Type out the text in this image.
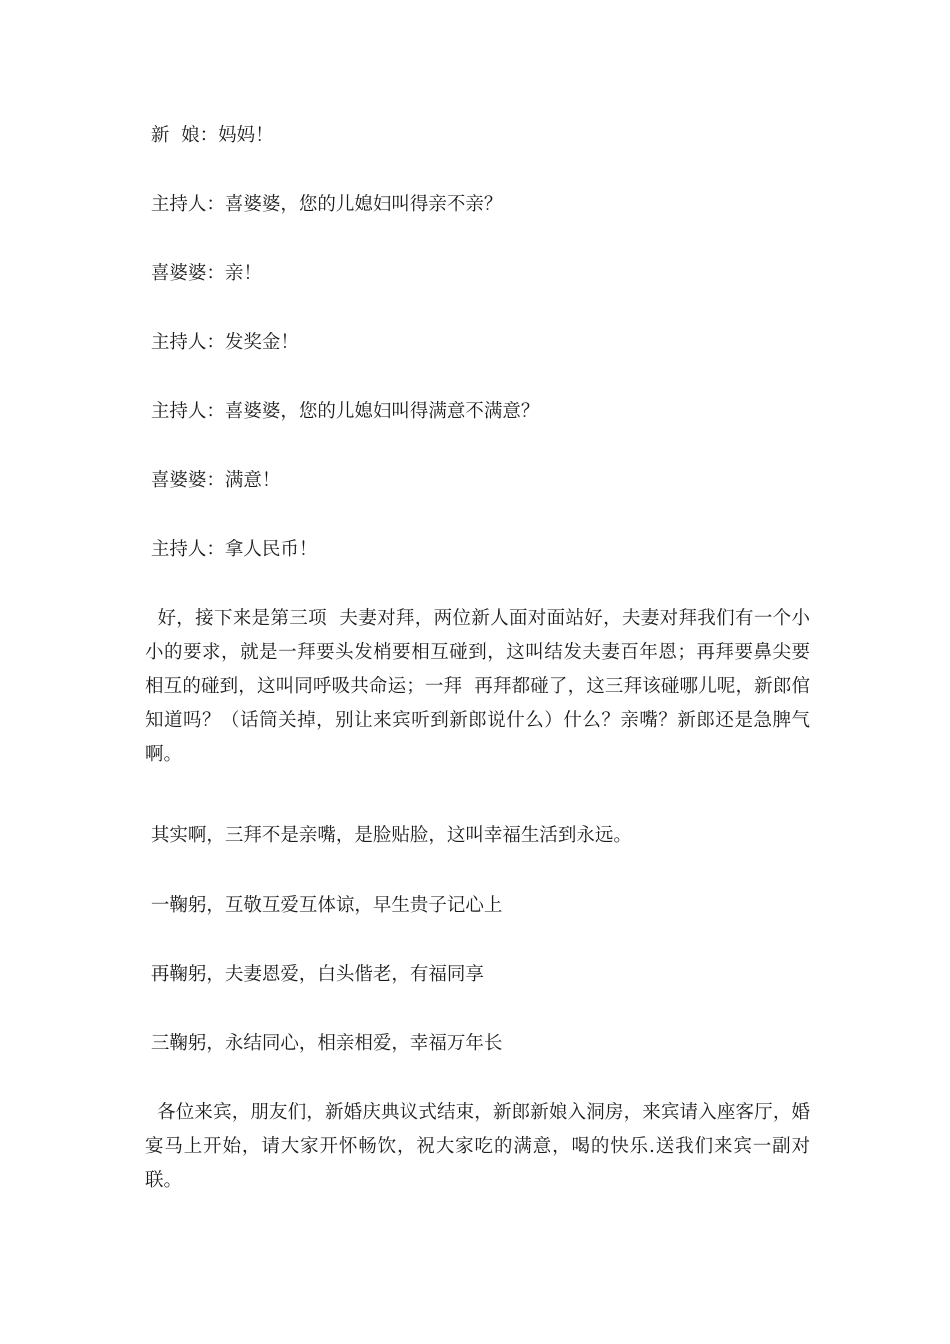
新  娘：妈妈！

主持人：喜婆婆，您的儿媳妇叫得亲不亲？

喜婆婆：亲！

主持人：发奖金！

主持人：喜婆婆，您的儿媳妇叫得满意不满意？

喜婆婆：满意！

主持人：拿人民币！

好，接下来是第三项  夫妻对拜，两位新人面对面站好，夫妻对拜我们有一个小小的要求，就是一拜要头发梢要相互碰到，这叫结发夫妻百年恩；再拜要鼻尖要相互的碰到，这叫同呼吸共命运；一拜  再拜都碰了，这三拜该碰哪儿呢，新郎倌知道吗？（话筒关掉，别让来宾听到新郎说什么）什么？亲嘴？新郎还是急脾气啊。

其实啊，三拜不是亲嘴，是脸贴脸，这叫幸福生活到永远。

一鞠躬，互敬互爱互体谅，早生贵子记心上

再鞠躬，夫妻恩爱，白头偕老，有福同享

三鞠躬，永结同心，相亲相爱，幸福万年长

各位来宾，朋友们，新婚庆典议式结束，新郎新娘入洞房，来宾请入座客厅，婚宴马上开始，请大家开怀畅饮，祝大家吃的满意，喝的快乐.送我们来宾一副对联。
